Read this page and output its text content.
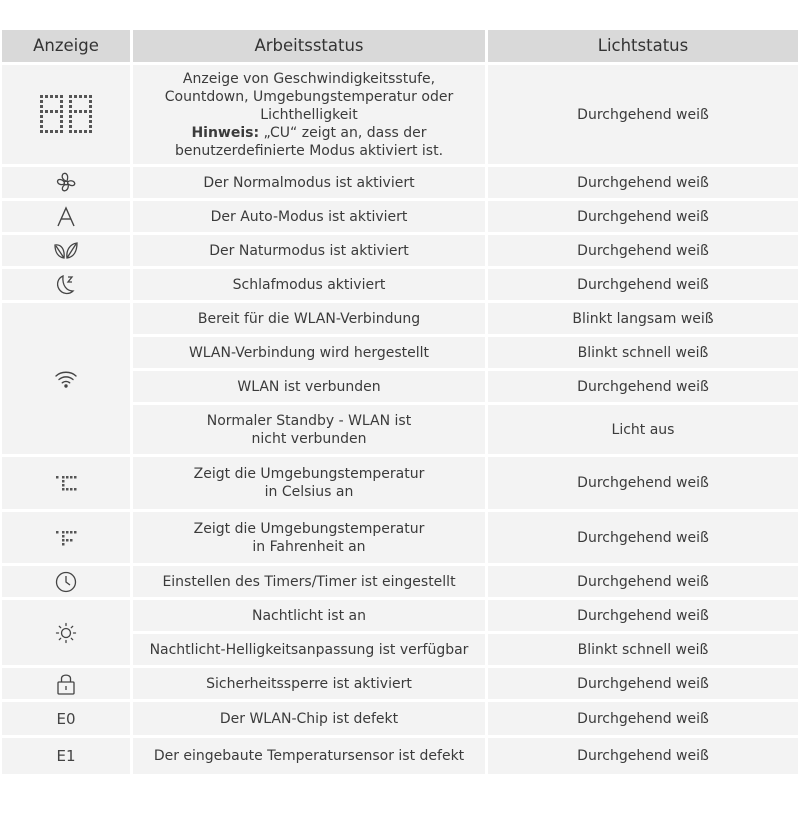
Anzeige	Arbeitsstatus	Lichtstatus
Anzeige von Geschwindigkeitsstufe,
Countdown, Umgebungstemperatur oder
Lichthelligkeit
Hinweis: „CU“ zeigt an, dass der
benutzerdefinierte Modus aktiviert ist.
Durchgehend weiß
Der Normalmodus ist aktiviert	Durchgehend weiß
Der Auto-Modus ist aktiviert	Durchgehend weiß
Der Naturmodus ist aktiviert	Durchgehend weiß
Schlafmodus aktiviert	Durchgehend weiß
Bereit für die WLAN-Verbindung	Blinkt langsam weiß
WLAN-Verbindung wird hergestellt	Blinkt schnell weiß
WLAN ist verbunden	Durchgehend weiß
Normaler Standby - WLAN ist
nicht verbunden
Licht aus
Zeigt die Umgebungstemperatur
in Celsius an
Durchgehend weiß
Zeigt die Umgebungstemperatur
in Fahrenheit an
Durchgehend weiß
Einstellen des Timers/Timer ist eingestellt	Durchgehend weiß
Nachtlicht ist an	Durchgehend weiß
Nachtlicht-Helligkeitsanpassung ist verfügbar	Blinkt schnell weiß
Sicherheitssperre ist aktiviert	Durchgehend weiß
E0	Der WLAN-Chip ist defekt	Durchgehend weiß
E1	Der eingebaute Temperatursensor ist defekt	Durchgehend weiß
